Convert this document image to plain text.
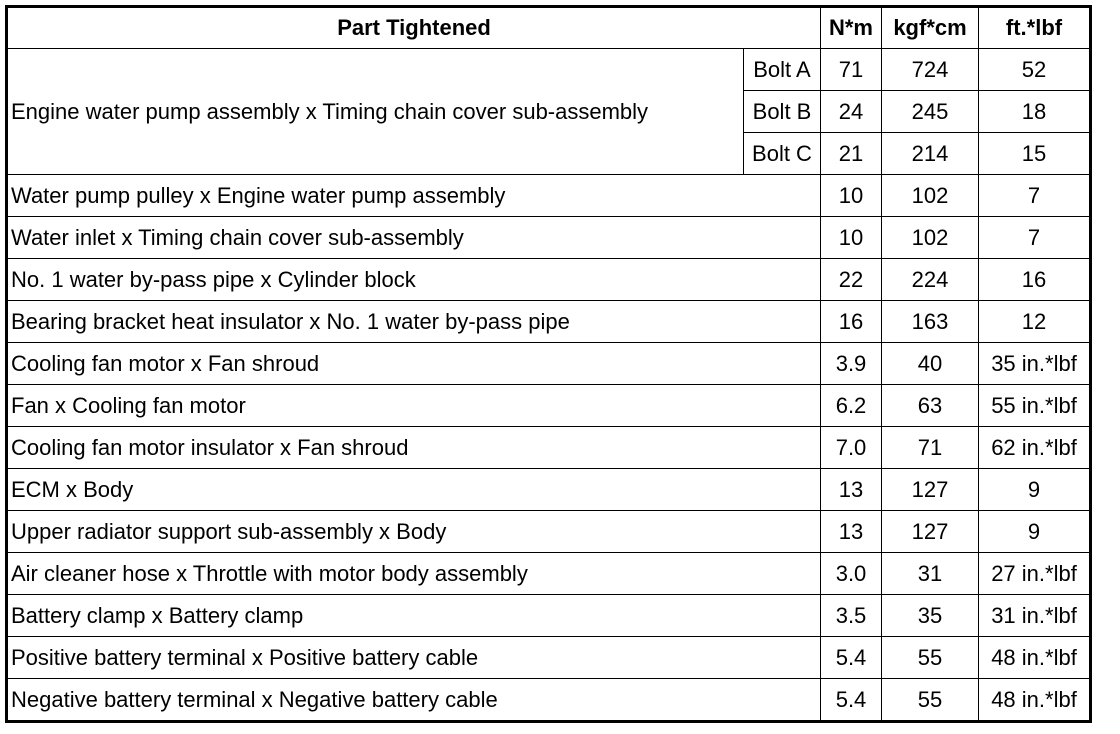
Part Tightened		N*m	kgf*cm	ft.*lbf
Engine water pump assembly x Timing chain cover sub-assembly	Bolt A	71	724	52
	Bolt B	24	245	18
	Bolt C	21	214	15
Water pump pulley x Engine water pump assembly		10	102	7
Water inlet x Timing chain cover sub-assembly		10	102	7
No. 1 water by-pass pipe x Cylinder block		22	224	16
Bearing bracket heat insulator x No. 1 water by-pass pipe		16	163	12
Cooling fan motor x Fan shroud		3.9	40	35 in.*lbf
Fan x Cooling fan motor		6.2	63	55 in.*lbf
Cooling fan motor insulator x Fan shroud		7.0	71	62 in.*lbf
ECM x Body		13	127	9
Upper radiator support sub-assembly x Body		13	127	9
Air cleaner hose x Throttle with motor body assembly		3.0	31	27 in.*lbf
Battery clamp x Battery clamp		3.5	35	31 in.*lbf
Positive battery terminal x Positive battery cable		5.4	55	48 in.*lbf
Negative battery terminal x Negative battery cable		5.4	55	48 in.*lbf
